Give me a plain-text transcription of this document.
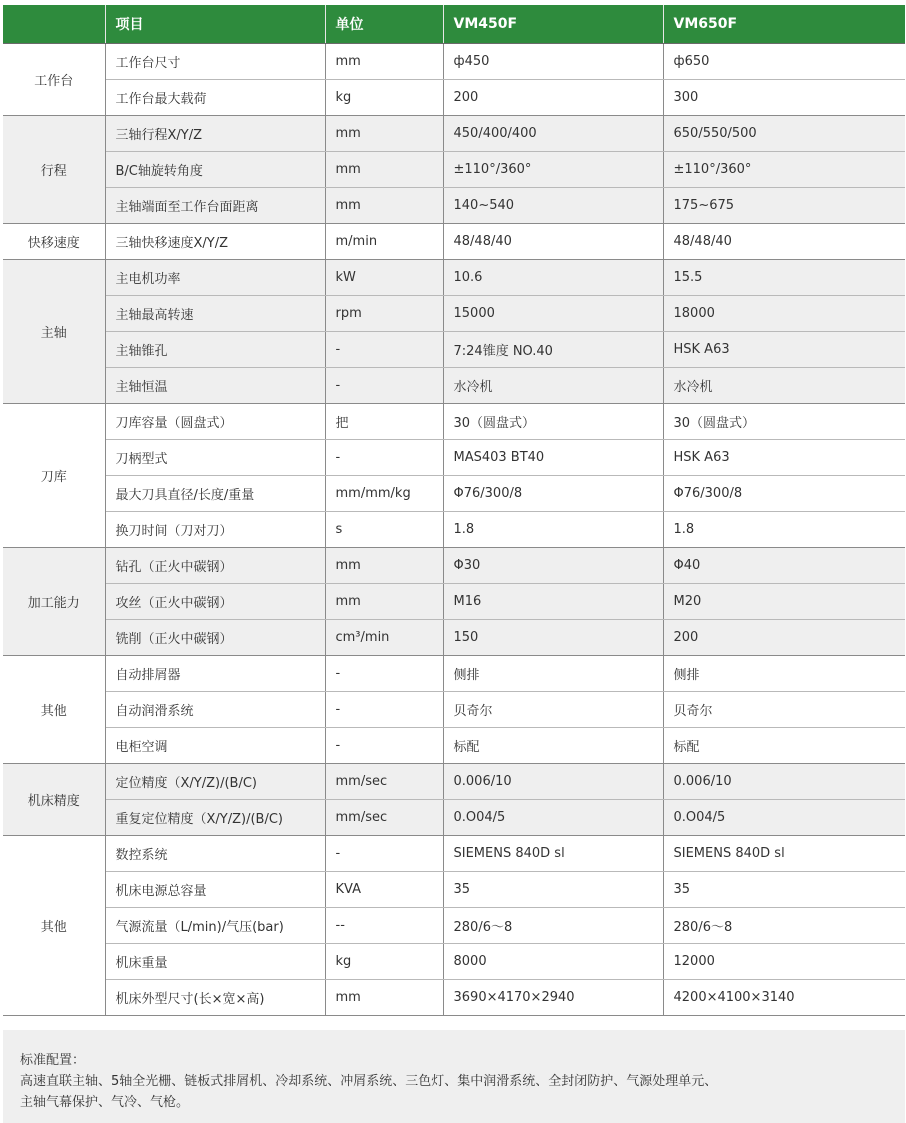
	项目	单位	VM450F	VM650F
工作台	工作台尺寸	mm	ф450	ф650
	工作台最大载荷	kg	200	300
行程	三轴行程X/Y/Z	mm	450/400/400	650/550/500
	B/C轴旋转角度	mm	±110°/360°	±110°/360°
	主轴端面至工作台面距离	mm	140~540	175~675
快移速度	三轴快移速度X/Y/Z	m/min	48/48/40	48/48/40
主轴	主电机功率	kW	10.6	15.5
	主轴最高转速	rpm	15000	18000
	主轴锥孔	-	7:24锥度 NO.40	HSK A63
	主轴恒温	-	水冷机	水冷机
刀库	刀库容量（圆盘式）	把	30（圆盘式）	30（圆盘式）
	刀柄型式	-	MAS403 BT40	HSK A63
	最大刀具直径/长度/重量	mm/mm/kg	Φ76/300/8	Φ76/300/8
	换刀时间（刀对刀）	s	1.8	1.8
加工能力	钻孔（正火中碳钢）	mm	Φ30	Φ40
	攻丝（正火中碳钢）	mm	M16	M20
	铣削（正火中碳钢）	cm³/min	150	200
其他	自动排屑器	-	侧排	侧排
	自动润滑系统	-	贝奇尔	贝奇尔
	电柜空调	-	标配	标配
机床精度	定位精度（X/Y/Z)/(B/C)	mm/sec	0.006/10	0.006/10
	重复定位精度（X/Y/Z)/(B/C)	mm/sec	0.O04/5	0.O04/5
其他	数控系统	-	SIEMENS 840D sl	SIEMENS 840D sl
	机床电源总容量	KVA	35	35
	气源流量（L/min)/气压(bar)	--	280/6～8	280/6～8
	机床重量	kg	8000	12000
	机床外型尺寸(长×宽×高)	mm	3690×4170×2940	4200×4100×3140
标准配置：
高速直联主轴、5轴全光栅、链板式排屑机、冷却系统、冲屑系统、三色灯、集中润滑系统、全封闭防护、气源处理单元、
主轴气幕保护、气冷、气枪。
